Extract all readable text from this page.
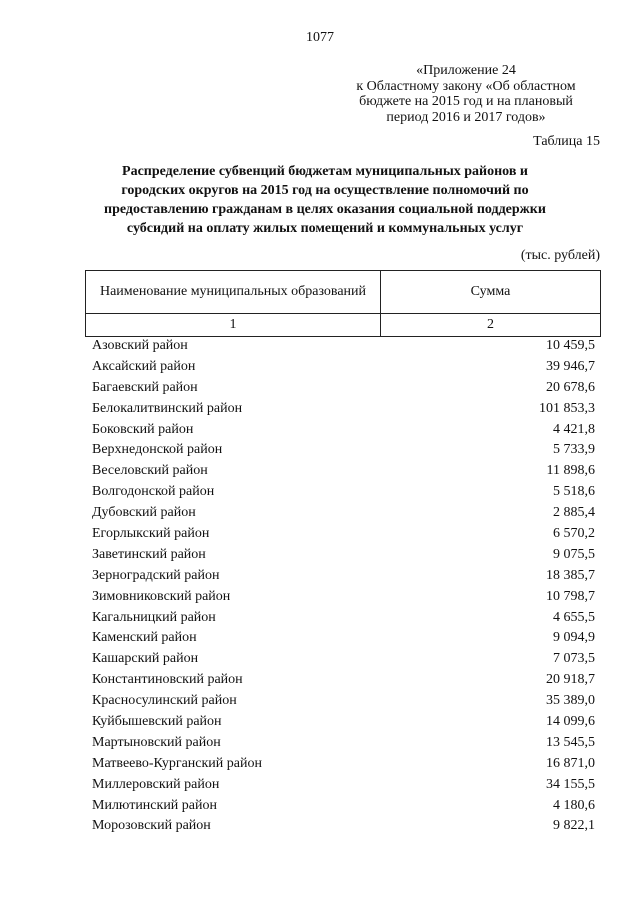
1077
«Приложение 24
к Областному закону «Об областном
бюджете на 2015 год и на плановый
период 2016 и 2017 годов»
Таблица 15
Распределение субвенций бюджетам муниципальных районов и городских округов на 2015 год на осуществление полномочий по предоставлению гражданам в целях оказания социальной поддержки субсидий на оплату жилых помещений и коммунальных услуг
(тыс. рублей)
Наименование муниципальных образований	Сумма
1	2
Азовский район	10 459,5
Аксайский район	39 946,7
Багаевский район	20 678,6
Белокалитвинский район	101 853,3
Боковский район	4 421,8
Верхнедонской район	5 733,9
Веселовский район	11 898,6
Волгодонской район	5 518,6
Дубовский район	2 885,4
Егорлыкский район	6 570,2
Заветинский район	9 075,5
Зерноградский район	18 385,7
Зимовниковский район	10 798,7
Кагальницкий район	4 655,5
Каменский район	9 094,9
Кашарский район	7 073,5
Константиновский район	20 918,7
Красносулинский район	35 389,0
Куйбышевский район	14 099,6
Мартыновский район	13 545,5
Матвеево-Курганский район	16 871,0
Миллеровский район	34 155,5
Милютинский район	4 180,6
Морозовский район	9 822,1
